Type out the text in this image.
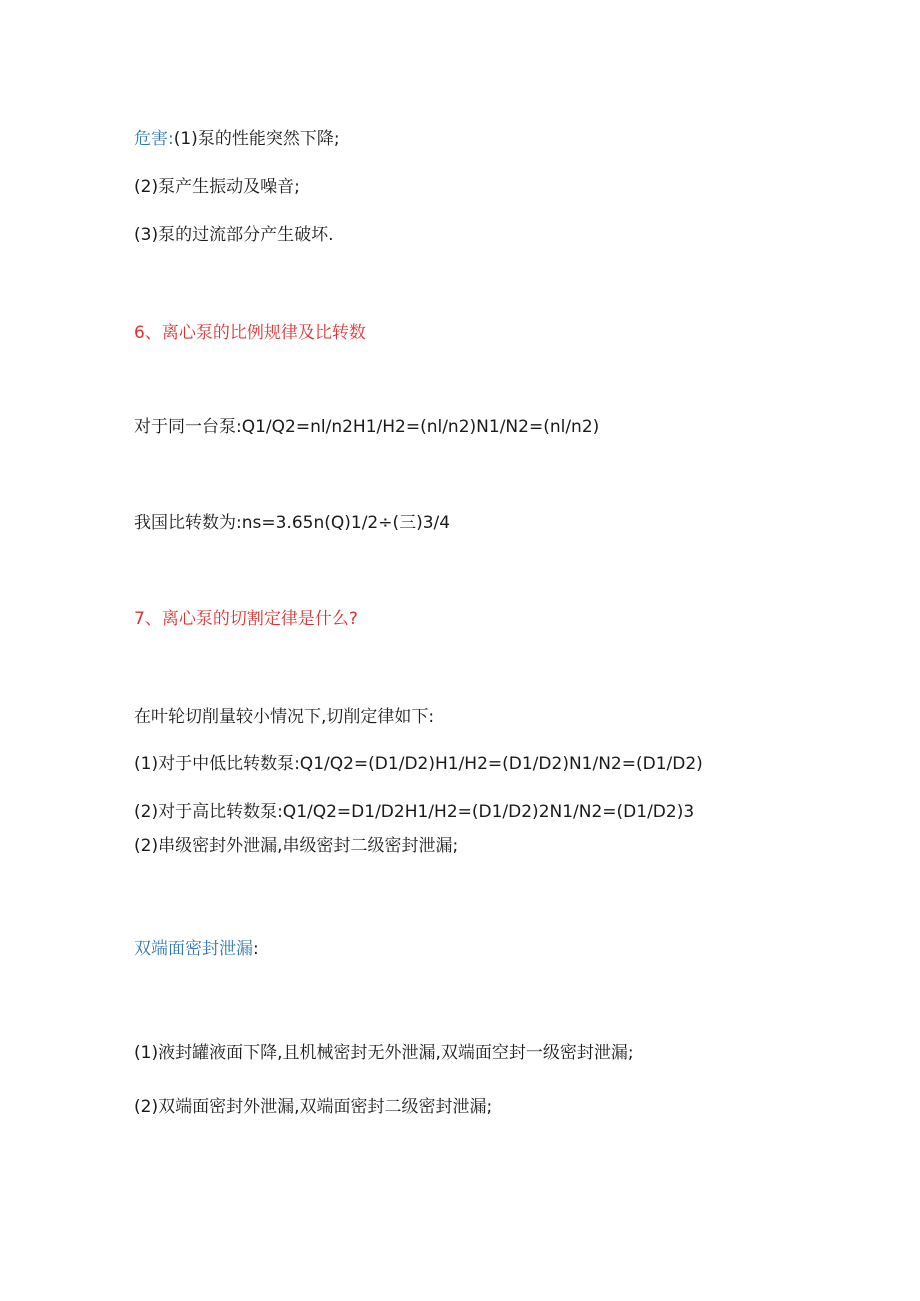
危害:(1)泵的性能突然下降;
(2)泵产生振动及噪音;
(3)泵的过流部分产生破坏.
6、离心泵的比例规律及比转数
对于同一台泵:Q1∕Q2=nl∕n2H1∕H2=(nl∕n2)N1∕N2=(nl∕n2)
我国比转数为:ns=3.65n(Q)1∕2÷(三)3/4
7、离心泵的切割定律是什么?
在叶轮切削量较小情况下,切削定律如下:
(1)对于中低比转数泵:Q1∕Q2=(D1∕D2)H1∕H2=(D1∕D2)N1/N2=(D1/D2)
(2)对于高比转数泵:Q1∕Q2=D1∕D2H1∕H2=(D1/D2)2N1∕N2=(D1/D2)3
(2)串级密封外泄漏,串级密封二级密封泄漏;
双端面密封泄漏:
(1)液封罐液面下降,且机械密封无外泄漏,双端面空封一级密封泄漏;
(2)双端面密封外泄漏,双端面密封二级密封泄漏;
